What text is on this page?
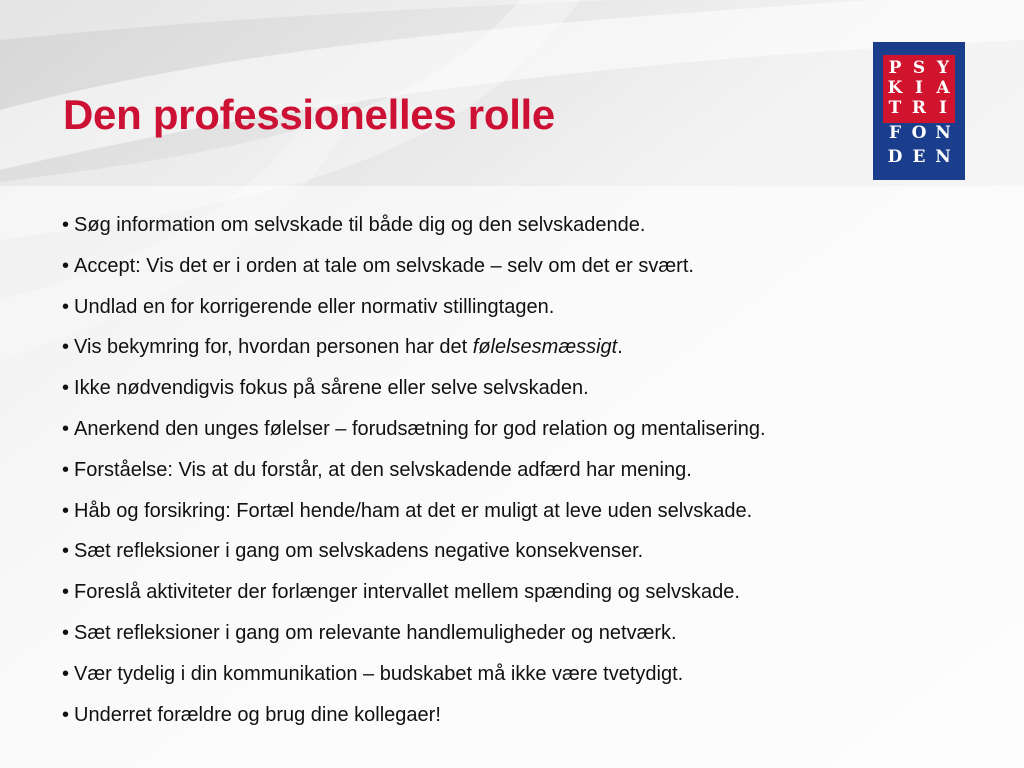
Den professionelles rolle
P S Y
K I A
T R I
F O N
D E N
• Søg information om selvskade til både dig og den selvskadende.
• Accept: Vis det er i orden at tale om selvskade – selv om det er svært.
• Undlad en for korrigerende eller normativ stillingtagen.
• Vis bekymring for, hvordan personen har det følelsesmæssigt.
• Ikke nødvendigvis fokus på sårene eller selve selvskaden.
• Anerkend den unges følelser – forudsætning for god relation og mentalisering.
• Forståelse: Vis at du forstår, at den selvskadende adfærd har mening.
• Håb og forsikring: Fortæl hende/ham at det er muligt at leve uden selvskade.
• Sæt refleksioner i gang om selvskadens negative konsekvenser.
• Foreslå aktiviteter der forlænger intervallet mellem spænding og selvskade.
• Sæt refleksioner i gang om relevante handlemuligheder og netværk.
• Vær tydelig i din kommunikation – budskabet må ikke være tvetydigt.
• Underret forældre og brug dine kollegaer!
